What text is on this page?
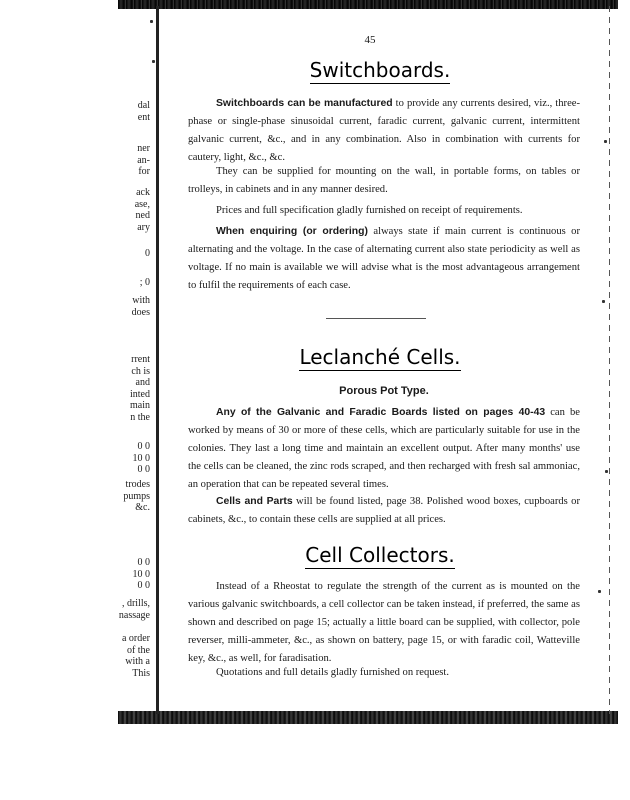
dal
ent
ner
an-
for
ack
ase,
ned
ary
0
; 0
with
does
rrent
ch is
and
inted
main
n the
0 0
10 0
0 0
trodes
pumps
&c.
0 0
10 0
0 0
, drills,
nassage
a order
of the
with a
This
45
Switchboards.

Switchboards can be manufactured to provide any currents desired, viz., three-phase or single-phase sinusoidal current, faradic current, galvanic current, intermittent galvanic current, &c., and in any combination. Also in combination with currents for cautery, light, &c., &c.

They can be supplied for mounting on the wall, in portable forms, on tables or trolleys, in cabinets and in any manner desired.

Prices and full specification gladly furnished on receipt of requirements.

When enquiring (or ordering) always state if main current is continuous or alternating and the voltage. In the case of alternating current also state periodicity as well as voltage. If no main is available we will advise what is the most advantageous arrangement to fulfil the requirements of each case.

Leclanché Cells.
Porous Pot Type.

Any of the Galvanic and Faradic Boards listed on pages 40-43 can be worked by means of 30 or more of these cells, which are particularly suitable for use in the colonies. They last a long time and maintain an excellent output. After many months' use the cells can be cleaned, the zinc rods scraped, and then recharged with fresh sal ammoniac, an operation that can be repeated several times.

Cells and Parts will be found listed, page 38. Polished wood boxes, cupboards or cabinets, &c., to contain these cells are supplied at all prices.

Cell Collectors.

Instead of a Rheostat to regulate the strength of the current as is mounted on the various galvanic switchboards, a cell collector can be taken instead, if preferred, the same as shown and described on page 15; actually a little board can be supplied, with collector, pole reverser, milli-ammeter, &c., as shown on battery, page 15, or with faradic coil, Watteville key, &c., as well, for faradisation.

Quotations and full details gladly furnished on request.
